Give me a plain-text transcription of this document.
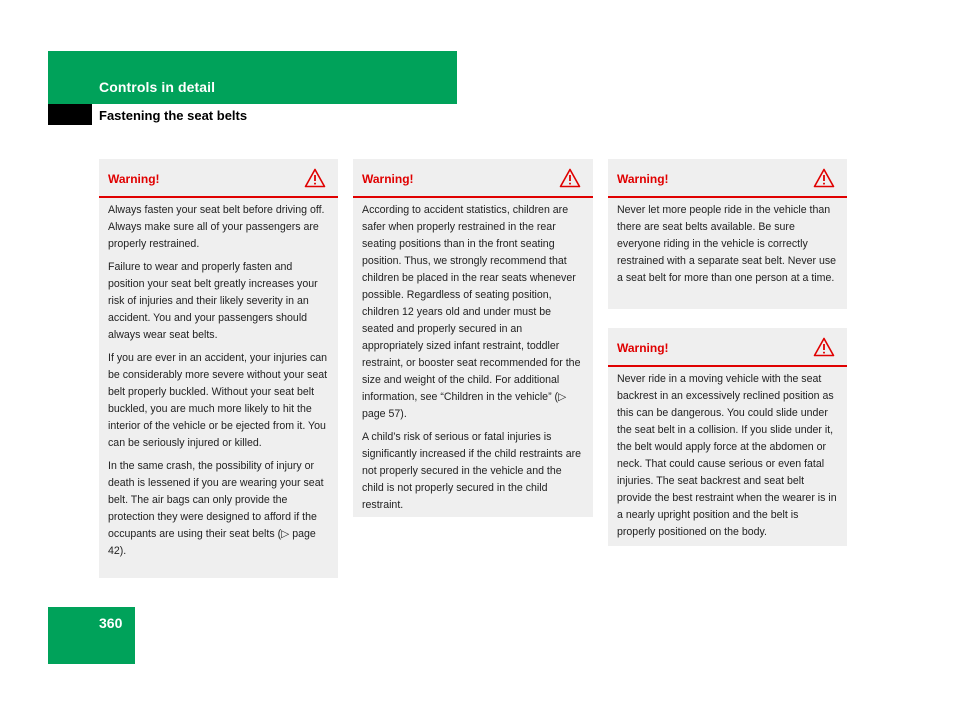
Controls in detail
Fastening the seat belts
Warning!

Always fasten your seat belt before driving off. Always make sure all of your passengers are properly restrained.

Failure to wear and properly fasten and position your seat belt greatly increases your risk of injuries and their likely severity in an accident. You and your passengers should always wear seat belts.

If you are ever in an accident, your injuries can be considerably more severe without your seat belt properly buckled. Without your seat belt buckled, you are much more likely to hit the interior of the vehicle or be ejected from it. You can be seriously injured or killed.

In the same crash, the possibility of injury or death is lessened if you are wearing your seat belt. The air bags can only provide the protection they were designed to afford if the occupants are using their seat belts (▷ page 42).

Warning!

According to accident statistics, children are safer when properly restrained in the rear seating positions than in the front seating position. Thus, we strongly recommend that children be placed in the rear seats whenever possible. Regardless of seating position, children 12 years old and under must be seated and properly secured in an appropriately sized infant restraint, toddler restraint, or booster seat recommended for the size and weight of the child. For additional information, see “Children in the vehicle” (▷ page 57).

A child’s risk of serious or fatal injuries is significantly increased if the child restraints are not properly secured in the vehicle and the child is not properly secured in the child restraint.

Warning!

Never let more people ride in the vehicle than there are seat belts available. Be sure everyone riding in the vehicle is correctly restrained with a separate seat belt. Never use a seat belt for more than one person at a time.

Warning!

Never ride in a moving vehicle with the seat backrest in an excessively reclined position as this can be dangerous. You could slide under the seat belt in a collision. If you slide under it, the belt would apply force at the abdomen or neck. That could cause serious or even fatal injuries. The seat backrest and seat belt provide the best restraint when the wearer is in a nearly upright position and the belt is properly positioned on the body.

360
